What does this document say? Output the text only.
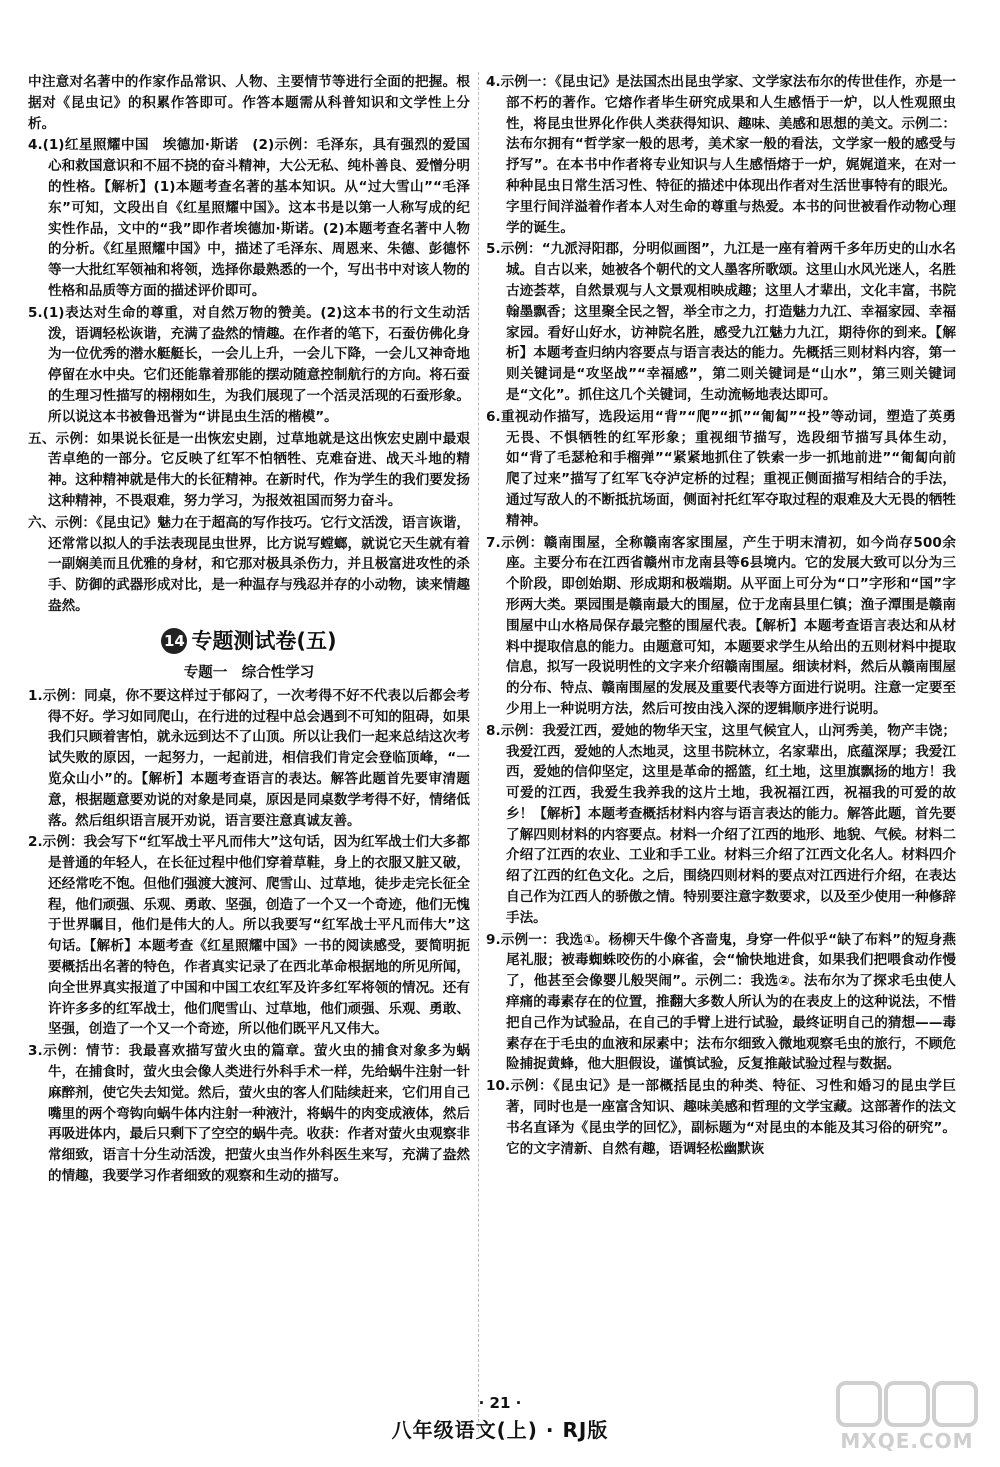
中注意对名著中的作家作品常识、人物、主要情节等进行全面的把握。根据对《昆虫记》的积累作答即可。作答本题需从科普知识和文学性上分析。

4.(1)红星照耀中国　埃德加·斯诺　(2)示例：毛泽东，具有强烈的爱国心和救国意识和不屈不挠的奋斗精神，大公无私、纯朴善良、爱憎分明的性格。【解析】(1)本题考查名著的基本知识。从“过大雪山”“毛泽东”可知，文段出自《红星照耀中国》。这本书是以第一人称写成的纪实性作品，文中的“我”即作者埃德加·斯诺。(2)本题考查名著中人物的分析。《红星照耀中国》中，描述了毛泽东、周恩来、朱德、彭德怀等一大批红军领袖和将领，选择你最熟悉的一个，写出书中对该人物的性格和品质等方面的描述评价即可。

5.(1)表达对生命的尊重，对自然万物的赞美。(2)这本书的行文生动活泼，语调轻松诙谐，充满了盎然的情趣。在作者的笔下，石蚕仿佛化身为一位优秀的潜水艇艇长，一会儿上升，一会儿下降，一会儿又神奇地停留在水中央。它们还能靠着那能的摆动随意控制航行的方向。将石蚕的生理习性描写的栩栩如生，为我们展现了一个活灵活现的石蚕形象。所以说这本书被鲁迅誉为“讲昆虫生活的楷模”。

五、示例：如果说长征是一出恢宏史剧，过草地就是这出恢宏史剧中最艰苦卓绝的一部分。它反映了红军不怕牺牲、克难奋进、战天斗地的精神。这种精神就是伟大的长征精神。在新时代，作为学生的我们要发扬这种精神，不畏艰难，努力学习，为报效祖国而努力奋斗。

六、示例：《昆虫记》魅力在于超高的写作技巧。它行文活泼，语言诙谐，还常常以拟人的手法表现昆虫世界，比方说写螳螂，就说它天生就有着一副娴美而且优雅的身材，和它那对极具杀伤力，并且极富进攻性的杀手、防御的武器形成对比，是一种温存与残忍并存的小动物，读来情趣盎然。

14 专题测试卷(五)
专题一　综合性学习

1.示例：同桌，你不要这样过于郁闷了，一次考得不好不代表以后都会考得不好。学习如同爬山，在行进的过程中总会遇到不可知的阻碍，如果我们只顾着害怕，就永远到达不了山顶。所以让我们一起来总结这次考试失败的原因，一起努力，一起前进，相信我们肯定会登临顶峰，“一览众山小”的。【解析】本题考查语言的表达。解答此题首先要审清题意，根据题意要劝说的对象是同桌，原因是同桌数学考得不好，情绪低落。然后组织语言展开劝说，语言要注意真诚友善。

2.示例：我会写下“红军战士平凡而伟大”这句话，因为红军战士们大多都是普通的年轻人，在长征过程中他们穿着草鞋，身上的衣服又脏又破，还经常吃不饱。但他们强渡大渡河、爬雪山、过草地，徒步走完长征全程，他们顽强、乐观、勇敢、坚强，创造了一个又一个奇迹，他们无愧于世界瞩目，他们是伟大的人。所以我要写“红军战士平凡而伟大”这句话。【解析】本题考查《红星照耀中国》一书的阅读感受，要简明扼要概括出名著的特色，作者真实记录了在西北革命根据地的所见所闻，向全世界真实报道了中国和中国工农红军及许多红军将领的情况。还有许许多多的红军战士，他们爬雪山、过草地，他们顽强、乐观、勇敢、坚强，创造了一个又一个奇迹，所以他们既平凡又伟大。

3.示例：情节：我最喜欢描写萤火虫的篇章。萤火虫的捕食对象多为蜗牛，在捕食时，萤火虫会像人类进行外科手术一样，先给蜗牛注射一针麻醉剂，使它失去知觉。然后，萤火虫的客人们陆续赶来，它们用自己嘴里的两个弯钩向蜗牛体内注射一种液汁，将蜗牛的肉变成液体，然后再吸进体内，最后只剩下了空空的蜗牛壳。收获：作者对萤火虫观察非常细致，语言十分生动活泼，把萤火虫当作外科医生来写，充满了盎然的情趣，我要学习作者细致的观察和生动的描写。

4.示例一：《昆虫记》是法国杰出昆虫学家、文学家法布尔的传世佳作，亦是一部不朽的著作。它熔作者毕生研究成果和人生感悟于一炉，以人性观照虫性，将昆虫世界化作供人类获得知识、趣味、美感和思想的美文。示例二：法布尔拥有“哲学家一般的思考，美术家一般的看法，文学家一般的感受与抒写”。在本书中作者将专业知识与人生感悟熔于一炉，娓娓道来，在对一种种昆虫日常生活习性、特征的描述中体现出作者对生活世事特有的眼光。字里行间洋溢着作者本人对生命的尊重与热爱。本书的问世被看作动物心理学的诞生。

5.示例：“九派浔阳郡，分明似画图”，九江是一座有着两千多年历史的山水名城。自古以来，她被各个朝代的文人墨客所歌颂。这里山水风光迷人，名胜古迹荟萃，自然景观与人文景观相映成趣；这里人才辈出，文化丰富，书院翰墨飘香；这里聚全民之智，举全市之力，打造魅力九江、幸福家园、幸福家园。看好山好水，访神院名胜，感受九江魅力九江，期待你的到来。【解析】本题考查归纳内容要点与语言表达的能力。先概括三则材料内容，第一则关键词是“攻坚战”“幸福感”，第二则关键词是“山水”，第三则关键词是“文化”。抓住这几个关键词，生动流畅地表达即可。

6.重视动作描写，选段运用“背”“爬”“抓”“匍匐”“投”等动词，塑造了英勇无畏、不惧牺牲的红军形象；重视细节描写，选段细节描写具体生动，如“背了毛瑟枪和手榴弹”“紧紧地抓住了铁索一步一抓地前进”“匍匐向前爬了过来”描写了红军飞夺泸定桥的过程；重视正侧面描写相结合的手法，通过写敌人的不断抵抗场面，侧面衬托红军夺取过程的艰难及大无畏的牺牲精神。

7.示例：赣南围屋，全称赣南客家围屋，产生于明末清初，如今尚存500余座。主要分布在江西省赣州市龙南县等6县境内。它的发展大致可以分为三个阶段，即创始期、形成期和极端期。从平面上可分为“口”字形和“国”字形两大类。栗园围是赣南最大的围屋，位于龙南县里仁镇；渔子潭围是赣南围屋中山水格局保存最完整的围屋代表。【解析】本题考查语言表达和从材料中提取信息的能力。由题意可知，本题要求学生从给出的五则材料中提取信息，拟写一段说明性的文字来介绍赣南围屋。细读材料，然后从赣南围屋的分布、特点、赣南围屋的发展及重要代表等方面进行说明。注意一定要至少用上一种说明方法，然后可按由浅入深的逻辑顺序进行说明。

8.示例：我爱江西，爱她的物华天宝，这里气候宜人，山河秀美，物产丰饶；我爱江西，爱她的人杰地灵，这里书院林立，名家辈出，底蕴深厚；我爱江西，爱她的信仰坚定，这里是革命的摇篮，红土地，这里旗飘扬的地方！我可爱的江西，我爱生我养我的这片土地，我祝福江西，祝福我的可爱的故乡！【解析】本题考查概括材料内容与语言表达的能力。解答此题，首先要了解四则材料的内容要点。材料一介绍了江西的地形、地貌、气候。材料二介绍了江西的农业、工业和手工业。材料三介绍了江西文化名人。材料四介绍了江西的红色文化。之后，围绕四则材料的要点对江西进行介绍，在表达自己作为江西人的骄傲之情。特别要注意字数要求，以及至少使用一种修辞手法。

9.示例一：我选①。杨柳天牛像个吝啬鬼，身穿一件似乎“缺了布料”的短身燕尾礼服；被毒蜘蛛咬伤的小麻雀，会“愉快地进食，如果我们把喂食动作慢了，他甚至会像婴儿般哭闹”。示例二：我选②。法布尔为了探求毛虫使人痒痛的毒素存在的位置，推翻大多数人所认为的在表皮上的这种说法，不惜把自己作为试验品，在自己的手臂上进行试验，最终证明自己的猜想——毒素存在于毛虫的血液和尿素中；法布尔细致入微地观察毛虫的旅行，不顾危险捕捉黄蜂，他大胆假设，谨慎试验，反复推敲试验过程与数据。

10.示例：《昆虫记》是一部概括昆虫的种类、特征、习性和婚习的昆虫学巨著，同时也是一座富含知识、趣味美感和哲理的文学宝藏。这部著作的法文书名直译为《昆虫学的回忆》，副标题为“对昆虫的本能及其习俗的研究”。它的文字清新、自然有趣，语调轻松幽默诙

· 21 ·
八年级语文(上) · RJ版	MXQE.COM
